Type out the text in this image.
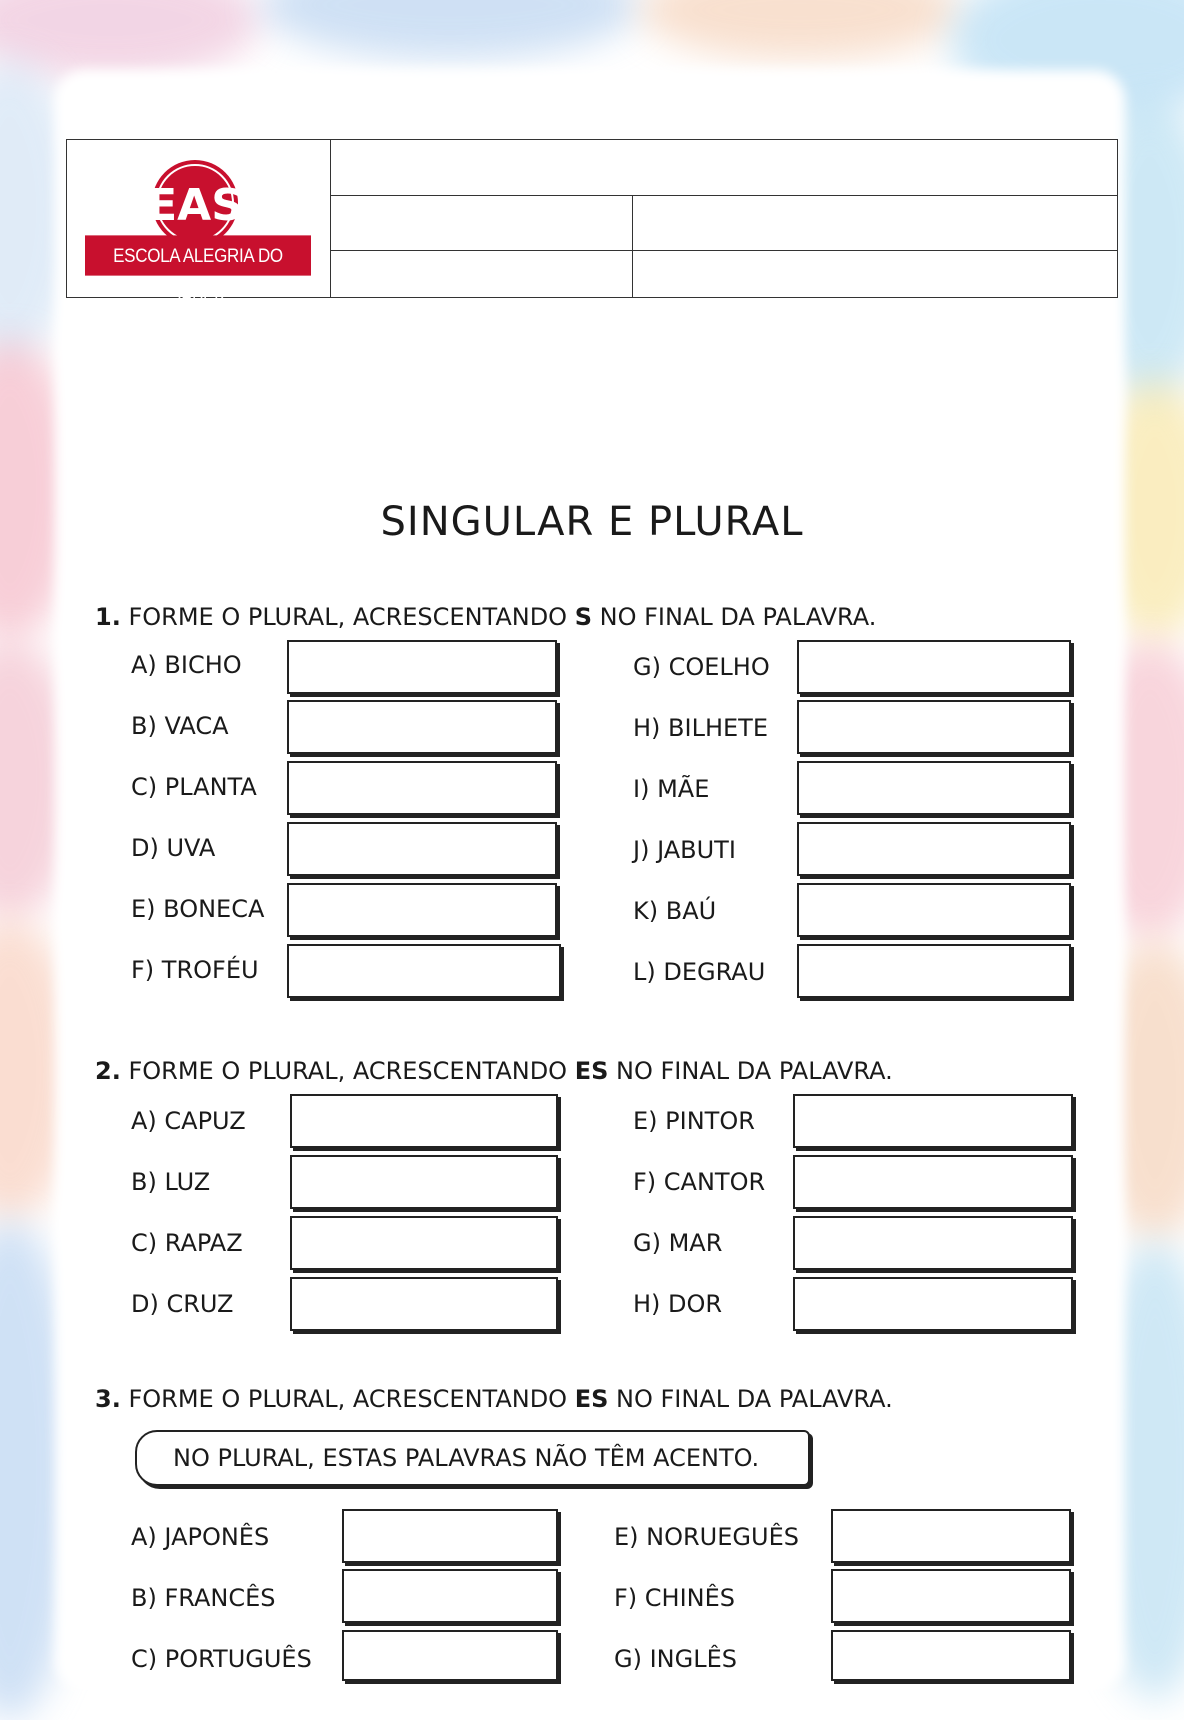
EAS
ESCOLA ALEGRIA DO SABER
SINGULAR E PLURAL
1. FORME O PLURAL, ACRESCENTANDO S NO FINAL DA PALAVRA.
A) BICHO
B) VACA
C) PLANTA
D) UVA
E) BONECA
F) TROFÉU
G) COELHO
H) BILHETE
I) MÃE
J) JABUTI
K) BAÚ
L) DEGRAU
2. FORME O PLURAL, ACRESCENTANDO ES NO FINAL DA PALAVRA.
A) CAPUZ
B) LUZ
C) RAPAZ
D) CRUZ
E) PINTOR
F) CANTOR
G) MAR
H) DOR
3. FORME O PLURAL, ACRESCENTANDO ES NO FINAL DA PALAVRA.
NO PLURAL, ESTAS PALAVRAS NÃO TÊM ACENTO.
A) JAPONÊS
B) FRANCÊS
C) PORTUGUÊS
E) NORUEGUÊS
F) CHINÊS
G) INGLÊS
